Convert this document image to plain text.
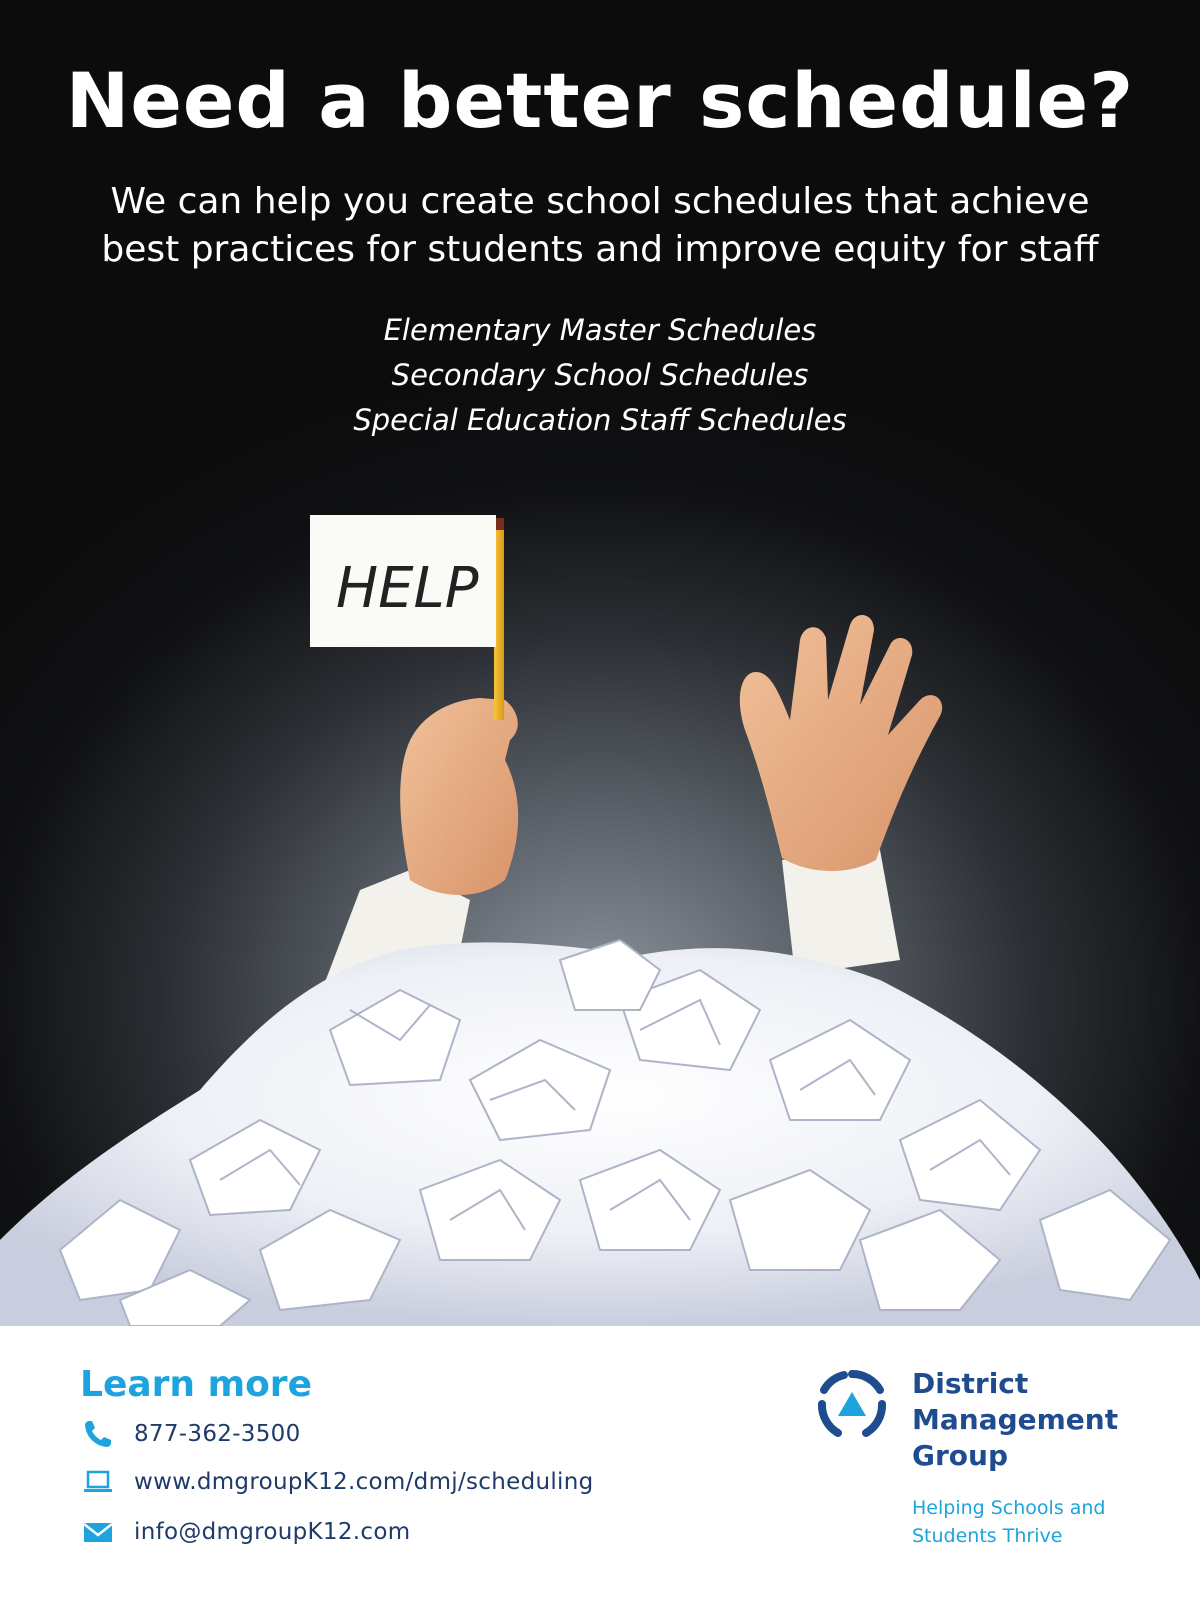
HELP
Need a better schedule?
We can help you create school schedules that achieve
best practices for students and improve equity for staff
Elementary Master Schedules
Secondary School Schedules
Special Education Staff Schedules
Learn more
877-362-3500
www.dmgroupK12.com/dmj/scheduling
info@dmgroupK12.com
District
Management
Group
Helping Schools and
Students Thrive
